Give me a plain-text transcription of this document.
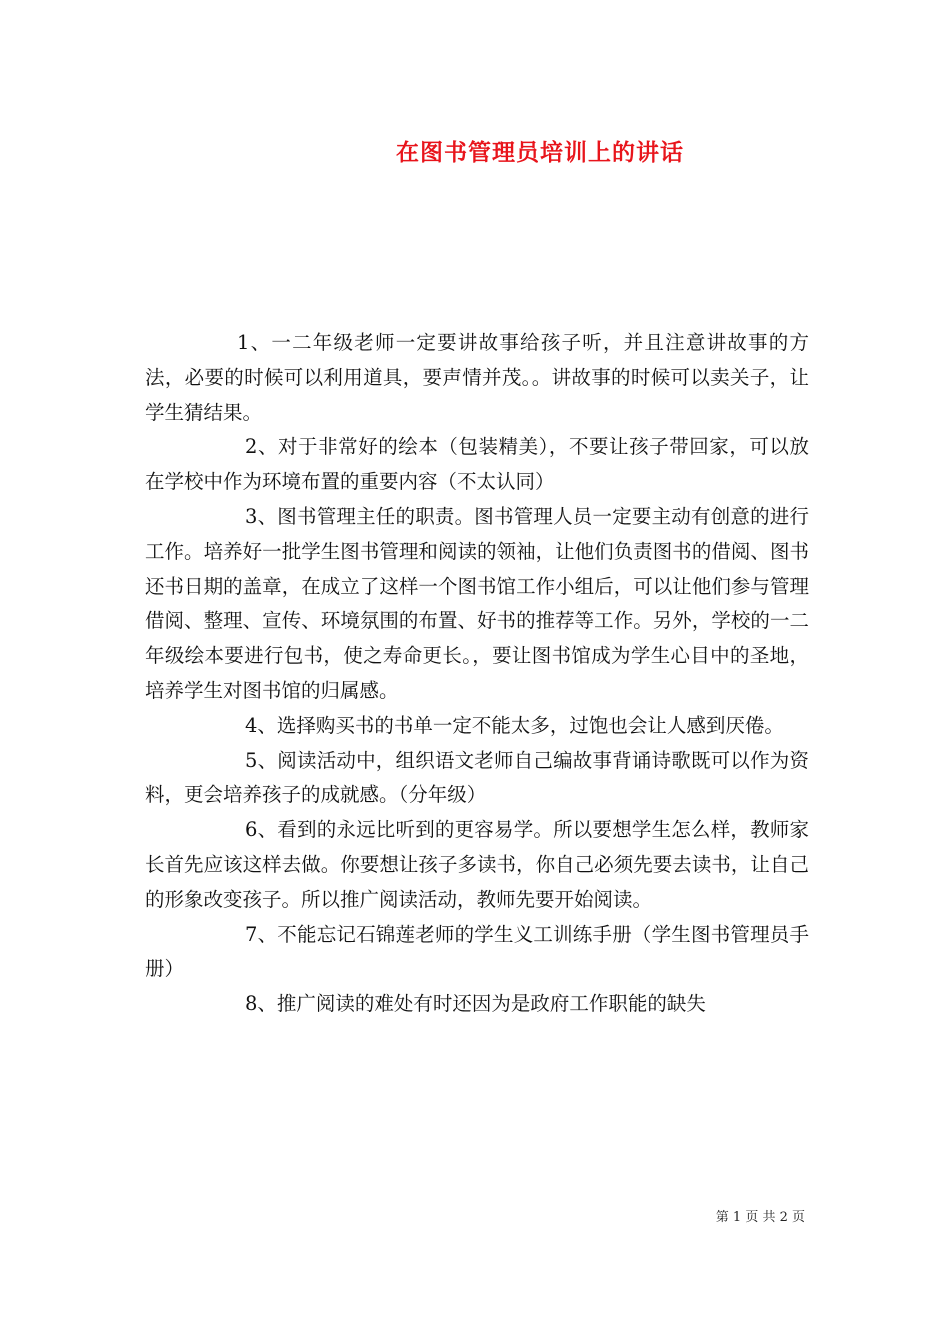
在图书管理员培训上的讲话

1、一二年级老师一定要讲故事给孩子听，并且注意讲故事的方法，必要的时候可以利用道具，要声情并茂。。讲故事的时候可以卖关子，让学生猜结果。

2、对于非常好的绘本（包装精美），不要让孩子带回家，可以放在学校中作为环境布置的重要内容（不太认同）

3、图书管理主任的职责。图书管理人员一定要主动有创意的进行工作。培养好一批学生图书管理和阅读的领袖，让他们负责图书的借阅、图书还书日期的盖章，在成立了这样一个图书馆工作小组后，可以让他们参与管理借阅、整理、宣传、环境氛围的布置、好书的推荐等工作。另外，学校的一二年级绘本要进行包书，使之寿命更长。，要让图书馆成为学生心目中的圣地，培养学生对图书馆的归属感。

4、选择购买书的书单一定不能太多，过饱也会让人感到厌倦。

5、阅读活动中，组织语文老师自己编故事背诵诗歌既可以作为资料，更会培养孩子的成就感。（分年级）

6、看到的永远比听到的更容易学。所以要想学生怎么样，教师家长首先应该这样去做。你要想让孩子多读书，你自己必须先要去读书，让自己的形象改变孩子。所以推广阅读活动，教师先要开始阅读。

7、不能忘记石锦莲老师的学生义工训练手册（学生图书管理员手册）

8、推广阅读的难处有时还因为是政府工作职能的缺失

第 1 页 共 2 页
